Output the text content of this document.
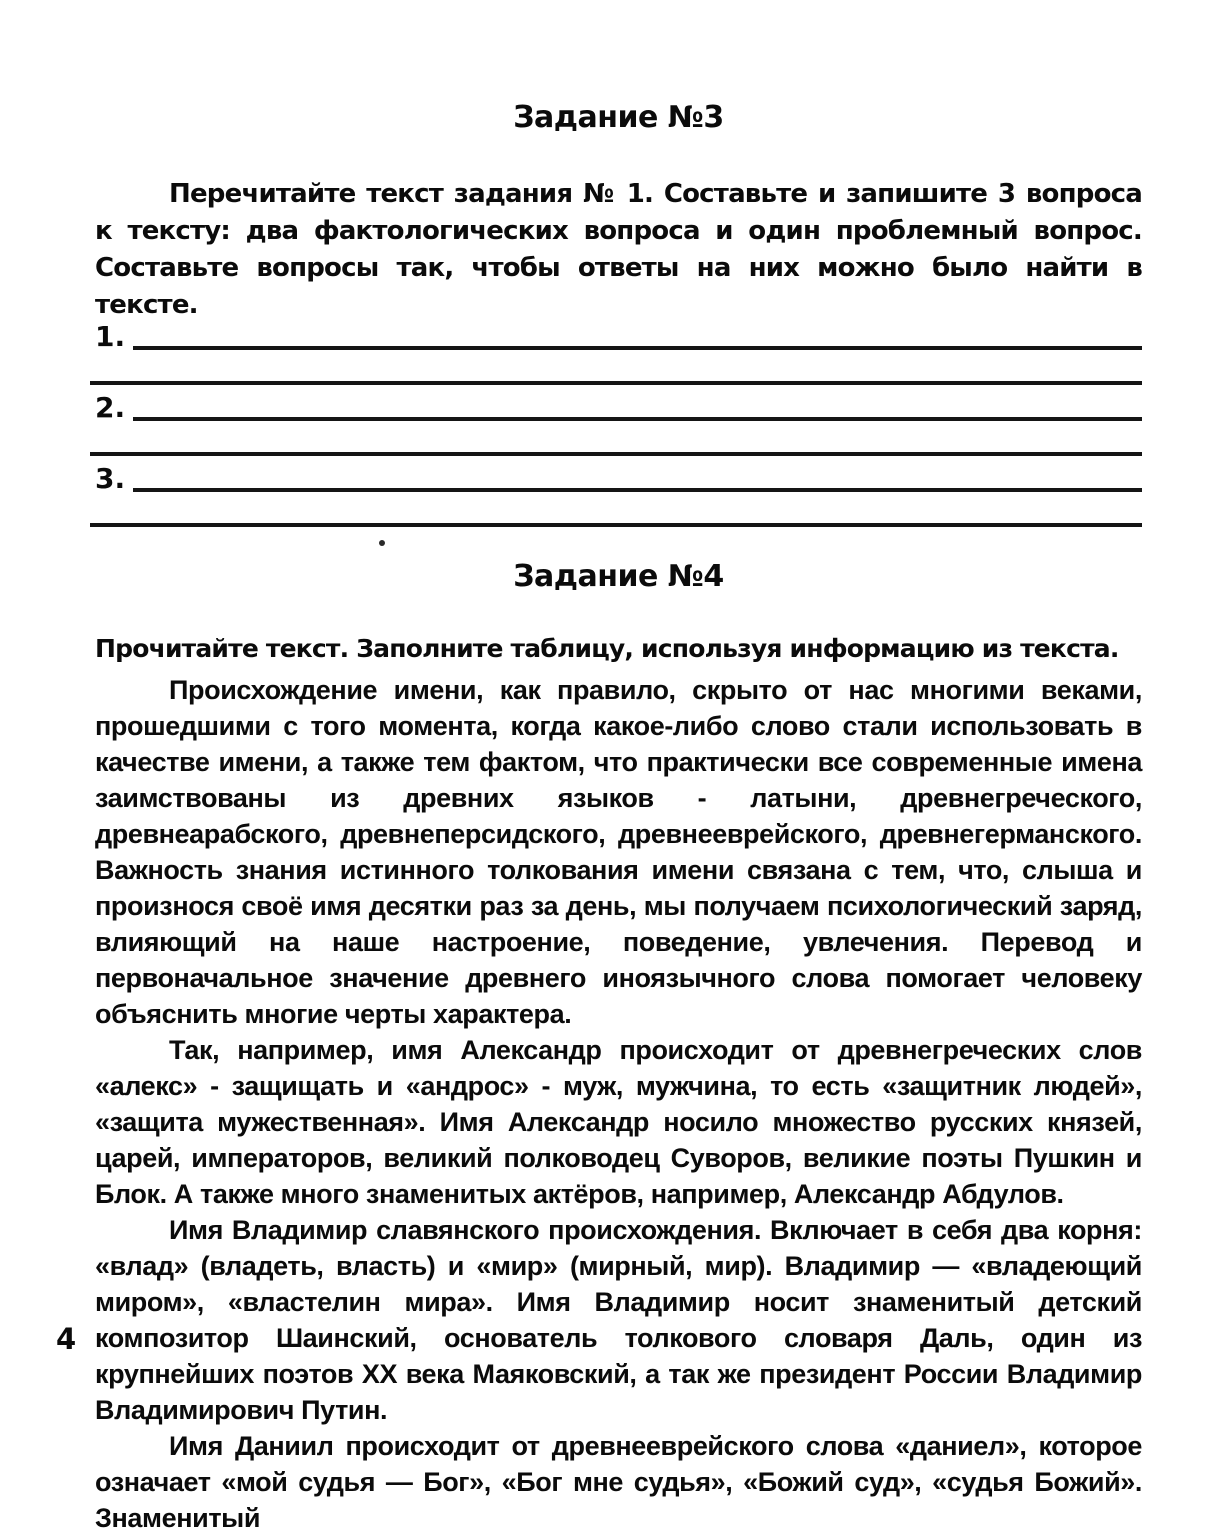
Задание №3
Перечитайте текст задания № 1. Составьте и запишите 3 вопроса к тексту: два фактологических вопроса и один проблемный вопрос. Составьте вопросы так, чтобы ответы на них можно было найти в тексте.
1.
2.
3.
Задание №4
Прочитайте текст. Заполните таблицу, используя информацию из текста.

Происхождение имени, как правило, скрыто от нас многими веками, прошедшими с того момента, когда какое-либо слово стали использовать в качестве имени, а также тем фактом, что практически все современные имена заимствованы из древних языков - латыни, древнегреческого, древнеарабского, древнеперсидского, древнееврейского, древнегерманского. Важность знания истинного толкования имени связана с тем, что, слыша и произнося своё имя десятки раз за день, мы получаем психологический заряд, влияющий на наше настроение, поведение, увлечения. Перевод и первоначальное значение древнего иноязычного слова помогает человеку объяснить многие черты характера.

Так, например, имя Александр происходит от древнегреческих слов «алекс» - защищать и «андрос» - муж, мужчина, то есть «защитник людей», «защита мужественная». Имя Александр носило множество русских князей, царей, императоров, великий полководец Суворов, великие поэты Пушкин и Блок. А также много знаменитых актёров, например, Александр Абдулов.

Имя Владимир славянского происхождения. Включает в себя два корня: «влад» (владеть, власть) и «мир» (мирный, мир). Владимир — «владеющий миром», «властелин мира». Имя Владимир носит знаменитый детский композитор Шаинский, основатель толкового словаря Даль, один из крупнейших поэтов XX века Маяковский, а так же президент России Владимир Владимирович Путин.

Имя Даниил происходит от древнееврейского слова «даниел», которое означает «мой судья — Бог», «Бог мне судья», «Божий суд», «судья Божий». Знаменитый

4
